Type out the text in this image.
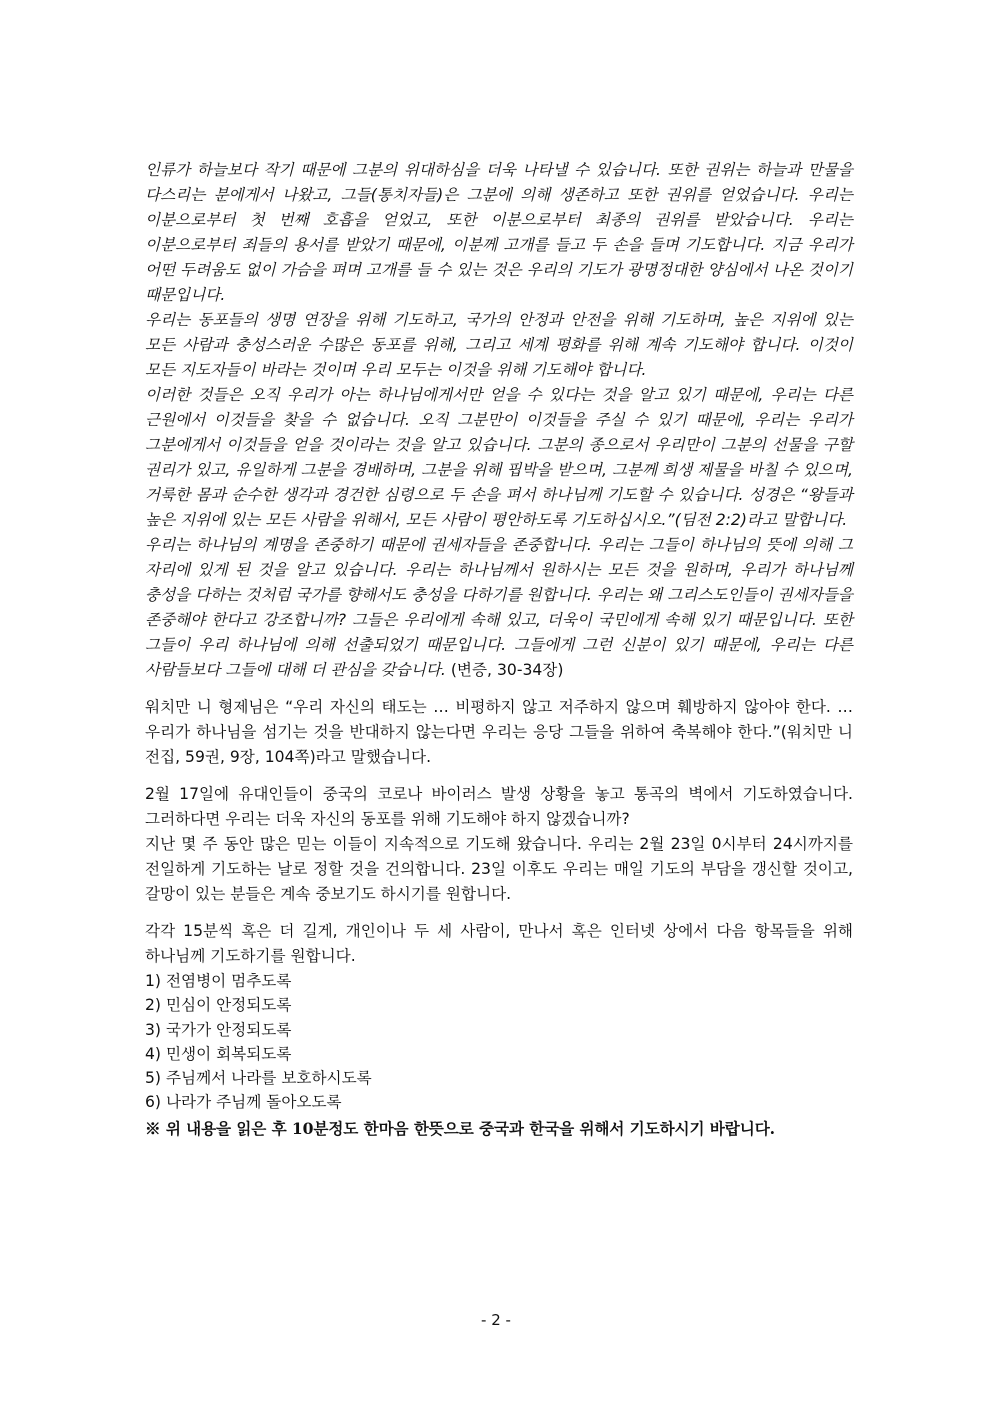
인류가 하늘보다 작기 때문에 그분의 위대하심을 더욱 나타낼 수 있습니다. 또한 권위는 하늘과 만물을 다스리는 분에게서 나왔고, 그들(통치자들)은 그분에 의해 생존하고 또한 권위를 얻었습니다. 우리는 이분으로부터 첫 번째 호흡을 얻었고, 또한 이분으로부터 최종의 권위를 받았습니다. 우리는 이분으로부터 죄들의 용서를 받았기 때문에, 이분께 고개를 들고 두 손을 들며 기도합니다. 지금 우리가 어떤 두려움도 없이 가슴을 펴며 고개를 들 수 있는 것은 우리의 기도가 광명정대한 양심에서 나온 것이기 때문입니다.

우리는 동포들의 생명 연장을 위해 기도하고, 국가의 안정과 안전을 위해 기도하며, 높은 지위에 있는 모든 사람과 충성스러운 수많은 동포를 위해, 그리고 세계 평화를 위해 계속 기도해야 합니다. 이것이 모든 지도자들이 바라는 것이며 우리 모두는 이것을 위해 기도해야 합니다.

이러한 것들은 오직 우리가 아는 하나님에게서만 얻을 수 있다는 것을 알고 있기 때문에, 우리는 다른 근원에서 이것들을 찾을 수 없습니다. 오직 그분만이 이것들을 주실 수 있기 때문에, 우리는 우리가 그분에게서 이것들을 얻을 것이라는 것을 알고 있습니다. 그분의 종으로서 우리만이 그분의 선물을 구할 권리가 있고, 유일하게 그분을 경배하며, 그분을 위해 핍박을 받으며, 그분께 희생 제물을 바칠 수 있으며, 거룩한 몸과 순수한 생각과 경건한 심령으로 두 손을 펴서 하나님께 기도할 수 있습니다. 성경은 “왕들과 높은 지위에 있는 모든 사람을 위해서, 모든 사람이 평안하도록 기도하십시오.”(딤전 2:2)라고 말합니다.

우리는 하나님의 계명을 존중하기 때문에 권세자들을 존중합니다. 우리는 그들이 하나님의 뜻에 의해 그 자리에 있게 된 것을 알고 있습니다. 우리는 하나님께서 원하시는 모든 것을 원하며, 우리가 하나님께 충성을 다하는 것처럼 국가를 향해서도 충성을 다하기를 원합니다. 우리는 왜 그리스도인들이 권세자들을 존중해야 한다고 강조합니까? 그들은 우리에게 속해 있고, 더욱이 국민에게 속해 있기 때문입니다. 또한 그들이 우리 하나님에 의해 선출되었기 때문입니다. 그들에게 그런 신분이 있기 때문에, 우리는 다른 사람들보다 그들에 대해 더 관심을 갖습니다. (변증, 30-34장)

워치만 니 형제님은 “우리 자신의 태도는 … 비평하지 않고 저주하지 않으며 훼방하지 않아야 한다. … 우리가 하나님을 섬기는 것을 반대하지 않는다면 우리는 응당 그들을 위하여 축복해야 한다.”(워치만 니 전집, 59권, 9장, 104쪽)라고 말했습니다.

2월 17일에 유대인들이 중국의 코로나 바이러스 발생 상황을 놓고 통곡의 벽에서 기도하였습니다. 그러하다면 우리는 더욱 자신의 동포를 위해 기도해야 하지 않겠습니까?

지난 몇 주 동안 많은 믿는 이들이 지속적으로 기도해 왔습니다. 우리는 2월 23일 0시부터 24시까지를 전일하게 기도하는 날로 정할 것을 건의합니다. 23일 이후도 우리는 매일 기도의 부담을 갱신할 것이고, 갈망이 있는 분들은 계속 중보기도 하시기를 원합니다.

각각 15분씩 혹은 더 길게, 개인이나 두 세 사람이, 만나서 혹은 인터넷 상에서 다음 항목들을 위해 하나님께 기도하기를 원합니다.

1) 전염병이 멈추도록
2) 민심이 안정되도록
3) 국가가 안정되도록
4) 민생이 회복되도록
5) 주님께서 나라를 보호하시도록
6) 나라가 주님께 돌아오도록

※ 위 내용을 읽은 후 10분정도 한마음 한뜻으로 중국과 한국을 위해서 기도하시기 바랍니다.

- 2 -
